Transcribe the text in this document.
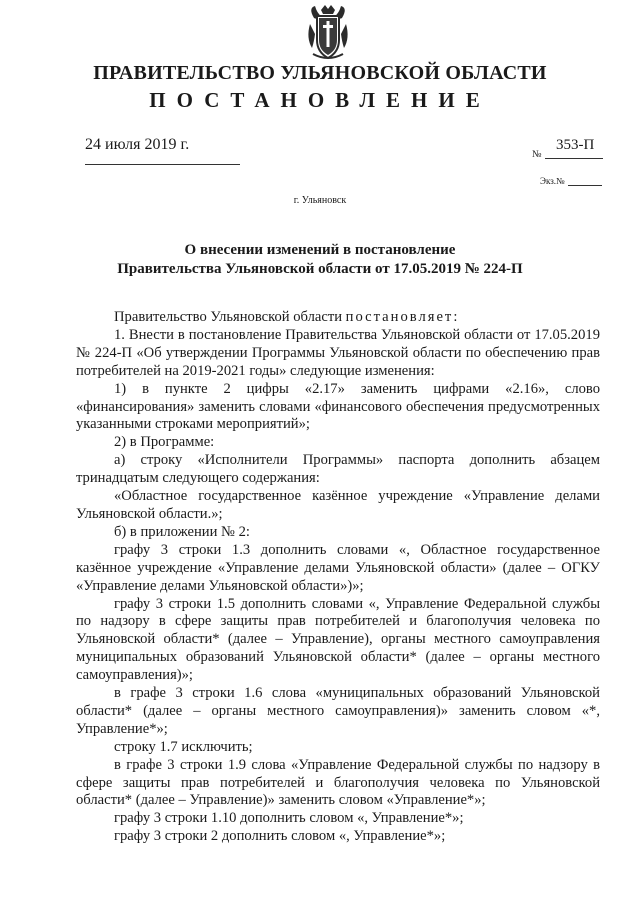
ПРАВИТЕЛЬСТВО УЛЬЯНОВСКОЙ ОБЛАСТИ
ПОСТАНОВЛЕНИЕ
24 июля 2019 г.
№
353-П
Экз.№
г. Ульяновск
О внесении изменений в постановление
Правительства Ульяновской области от 17.05.2019 № 224-П

Правительство Ульяновской области постановляет:

1. Внести в постановление Правительства Ульяновской области от 17.05.2019 № 224-П «Об утверждении Программы Ульяновской области по обеспечению прав потребителей на 2019-2021 годы» следующие изменения:

1) в пункте 2 цифры «2.17» заменить цифрами «2.16», слово «финансирования» заменить словами «финансового обеспечения предусмотренных указанными строками мероприятий»;

2) в Программе:

а) строку «Исполнители Программы» паспорта дополнить абзацем тринадцатым следующего содержания:

«Областное государственное казённое учреждение «Управление делами Ульяновской области.»;

б) в приложении № 2:

графу 3 строки 1.3 дополнить словами «, Областное государственное казённое учреждение «Управление делами Ульяновской области» (далее – ОГКУ «Управление делами Ульяновской области»)»;

графу 3 строки 1.5 дополнить словами «, Управление Федеральной службы по надзору в сфере защиты прав потребителей и благополучия человека по Ульяновской области* (далее – Управление), органы местного самоуправления муниципальных образований Ульяновской области* (далее – органы местного самоуправления)»;

в графе 3 строки 1.6 слова «муниципальных образований Ульяновской области* (далее – органы местного самоуправления)» заменить словом «*, Управление*»;

строку 1.7 исключить;

в графе 3 строки 1.9 слова «Управление Федеральной службы по надзору в сфере защиты прав потребителей и благополучия человека по Ульяновской области* (далее – Управление)» заменить словом «Управление*»;

графу 3 строки 1.10 дополнить словом «, Управление*»;

графу 3 строки 2 дополнить словом «, Управление*»;
